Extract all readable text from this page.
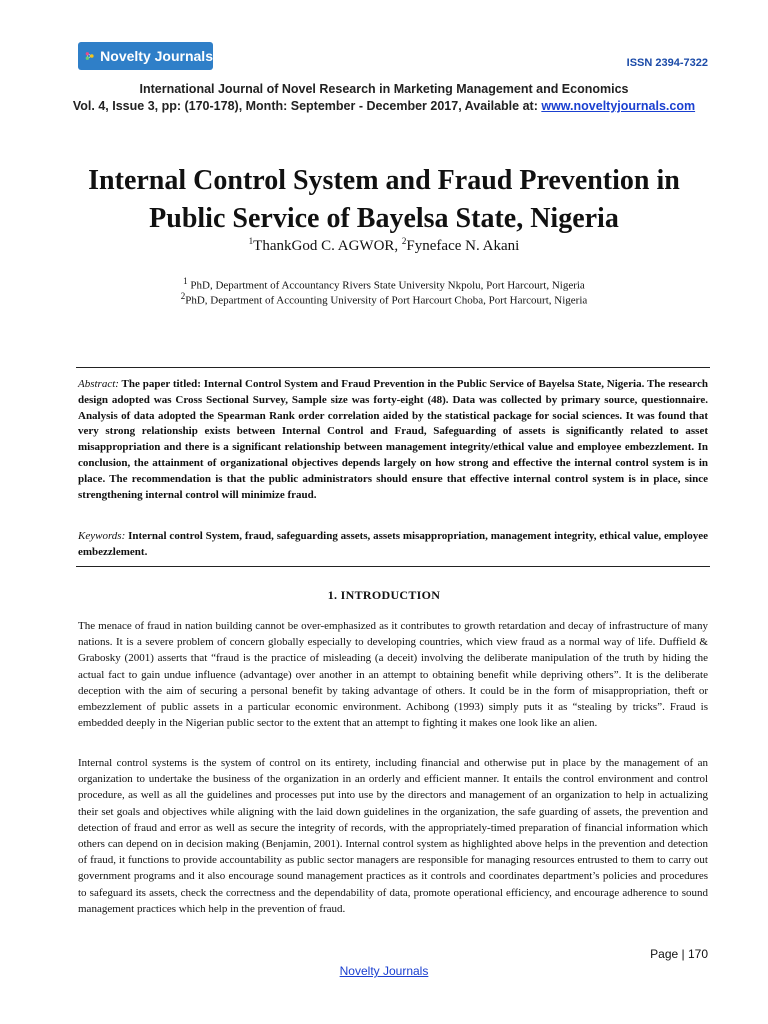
Novelty Journals	ISSN 2394-7322
International Journal of Novel Research in Marketing Management and Economics
Vol. 4, Issue 3, pp: (170-178), Month: September - December 2017, Available at: www.noveltyjournals.com
Internal Control System and Fraud Prevention in Public Service of Bayelsa State, Nigeria
$^1$ThankGod C. AGWOR, $^2$Fyneface N. Akani
$^1$ PhD, Department of Accountancy Rivers State University Nkpolu, Port Harcourt, Nigeria
$^2$PhD, Department of Accounting University of Port Harcourt Choba, Port Harcourt, Nigeria
Abstract: The paper titled: Internal Control System and Fraud Prevention in the Public Service of Bayelsa State, Nigeria. The research design adopted was Cross Sectional Survey, Sample size was forty-eight (48). Data was collected by primary source, questionnaire. Analysis of data adopted the Spearman Rank order correlation aided by the statistical package for social sciences. It was found that very strong relationship exists between Internal Control and Fraud, Safeguarding of assets is significantly related to asset misappropriation and there is a significant relationship between management integrity/ethical value and employee embezzlement. In conclusion, the attainment of organizational objectives depends largely on how strong and effective the internal control system is in place. The recommendation is that the public administrators should ensure that effective internal control system is in place, since strengthening internal control will minimize fraud.
Keywords: Internal control System, fraud, safeguarding assets, assets misappropriation, management integrity, ethical value, employee embezzlement.
1. INTRODUCTION

The menace of fraud in nation building cannot be over-emphasized as it contributes to growth retardation and decay of infrastructure of many nations. It is a severe problem of concern globally especially to developing countries, which view fraud as a normal way of life. Duffield & Grabosky (2001) asserts that “fraud is the practice of misleading (a deceit) involving the deliberate manipulation of the truth by hiding the actual fact to gain undue influence (advantage) over another in an attempt to obtaining benefit while depriving others”. It is the deliberate deception with the aim of securing a personal benefit by taking advantage of others. It could be in the form of misappropriation, theft or embezzlement of public assets in a particular economic environment. Achibong (1993) simply puts it as “stealing by tricks”. Fraud is embedded deeply in the Nigerian public sector to the extent that an attempt to fighting it makes one look like an alien.

Internal control systems is the system of control on its entirety, including financial and otherwise put in place by the management of an organization to undertake the business of the organization in an orderly and efficient manner. It entails the control environment and control procedure, as well as all the guidelines and processes put into use by the directors and management of an organization to help in actualizing their set goals and objectives while aligning with the laid down guidelines in the organization, the safe guarding of assets, the prevention and detection of fraud and error as well as secure the integrity of records, with the appropriately-timed preparation of financial information which others can depend on in decision making (Benjamin, 2001). Internal control system as highlighted above helps in the prevention and detection of fraud, it functions to provide accountability as public sector managers are responsible for managing resources entrusted to them to carry out government programs and it also encourage sound management practices as it controls and coordinates department’s policies and procedures to safeguard its assets, check the correctness and the dependability of data, promote operational efficiency, and encourage adherence to sound management practices which help in the prevention of fraud.

Page | 170
Novelty Journals
